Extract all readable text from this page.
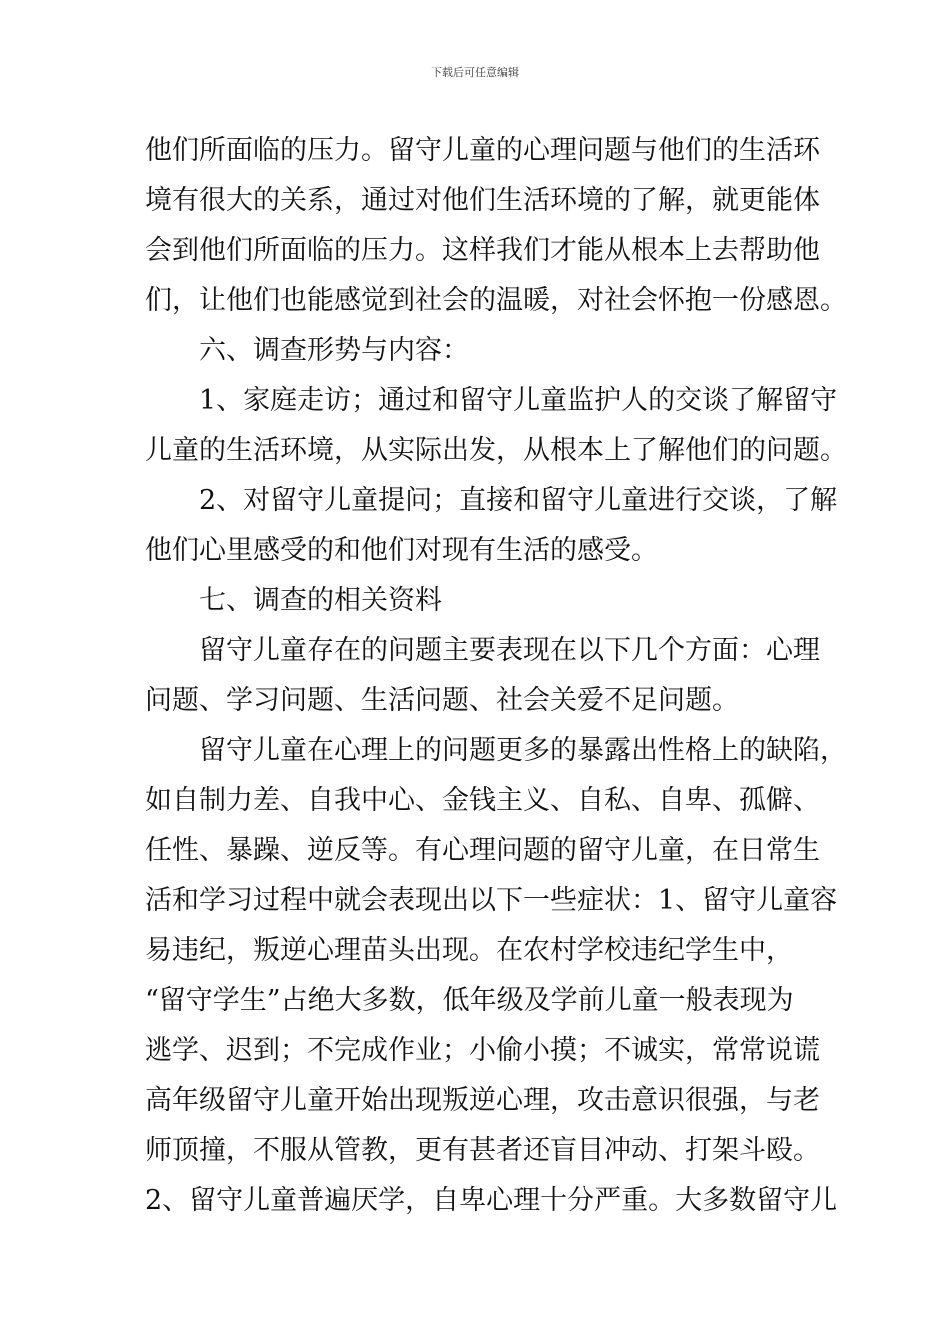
下载后可任意编辑
他们所面临的压力。留守儿童的心理问题与他们的生活环
境有很大的关系，通过对他们生活环境的了解，就更能体
会到他们所面临的压力。这样我们才能从根本上去帮助他
们，让他们也能感觉到社会的温暖，对社会怀抱一份感恩。
　　六、调查形势与内容：
　　1、家庭走访；通过和留守儿童监护人的交谈了解留守
儿童的生活环境，从实际出发，从根本上了解他们的问题。
　　2、对留守儿童提问；直接和留守儿童进行交谈，了解
他们心里感受的和他们对现有生活的感受。
　　七、调查的相关资料
　　留守儿童存在的问题主要表现在以下几个方面：心理
问题、学习问题、生活问题、社会关爱不足问题。
　　留守儿童在心理上的问题更多的暴露出性格上的缺陷，
如自制力差、自我中心、金钱主义、自私、自卑、孤僻、
任性、暴躁、逆反等。有心理问题的留守儿童，在日常生
活和学习过程中就会表现出以下一些症状：1、留守儿童容
易违纪，叛逆心理苗头出现。在农村学校违纪学生中，
“留守学生”占绝大多数，低年级及学前儿童一般表现为
逃学、迟到；不完成作业；小偷小摸；不诚实，常常说谎
高年级留守儿童开始出现叛逆心理，攻击意识很强，与老
师顶撞，不服从管教，更有甚者还盲目冲动、打架斗殴。
2、留守儿童普遍厌学，自卑心理十分严重。大多数留守儿
